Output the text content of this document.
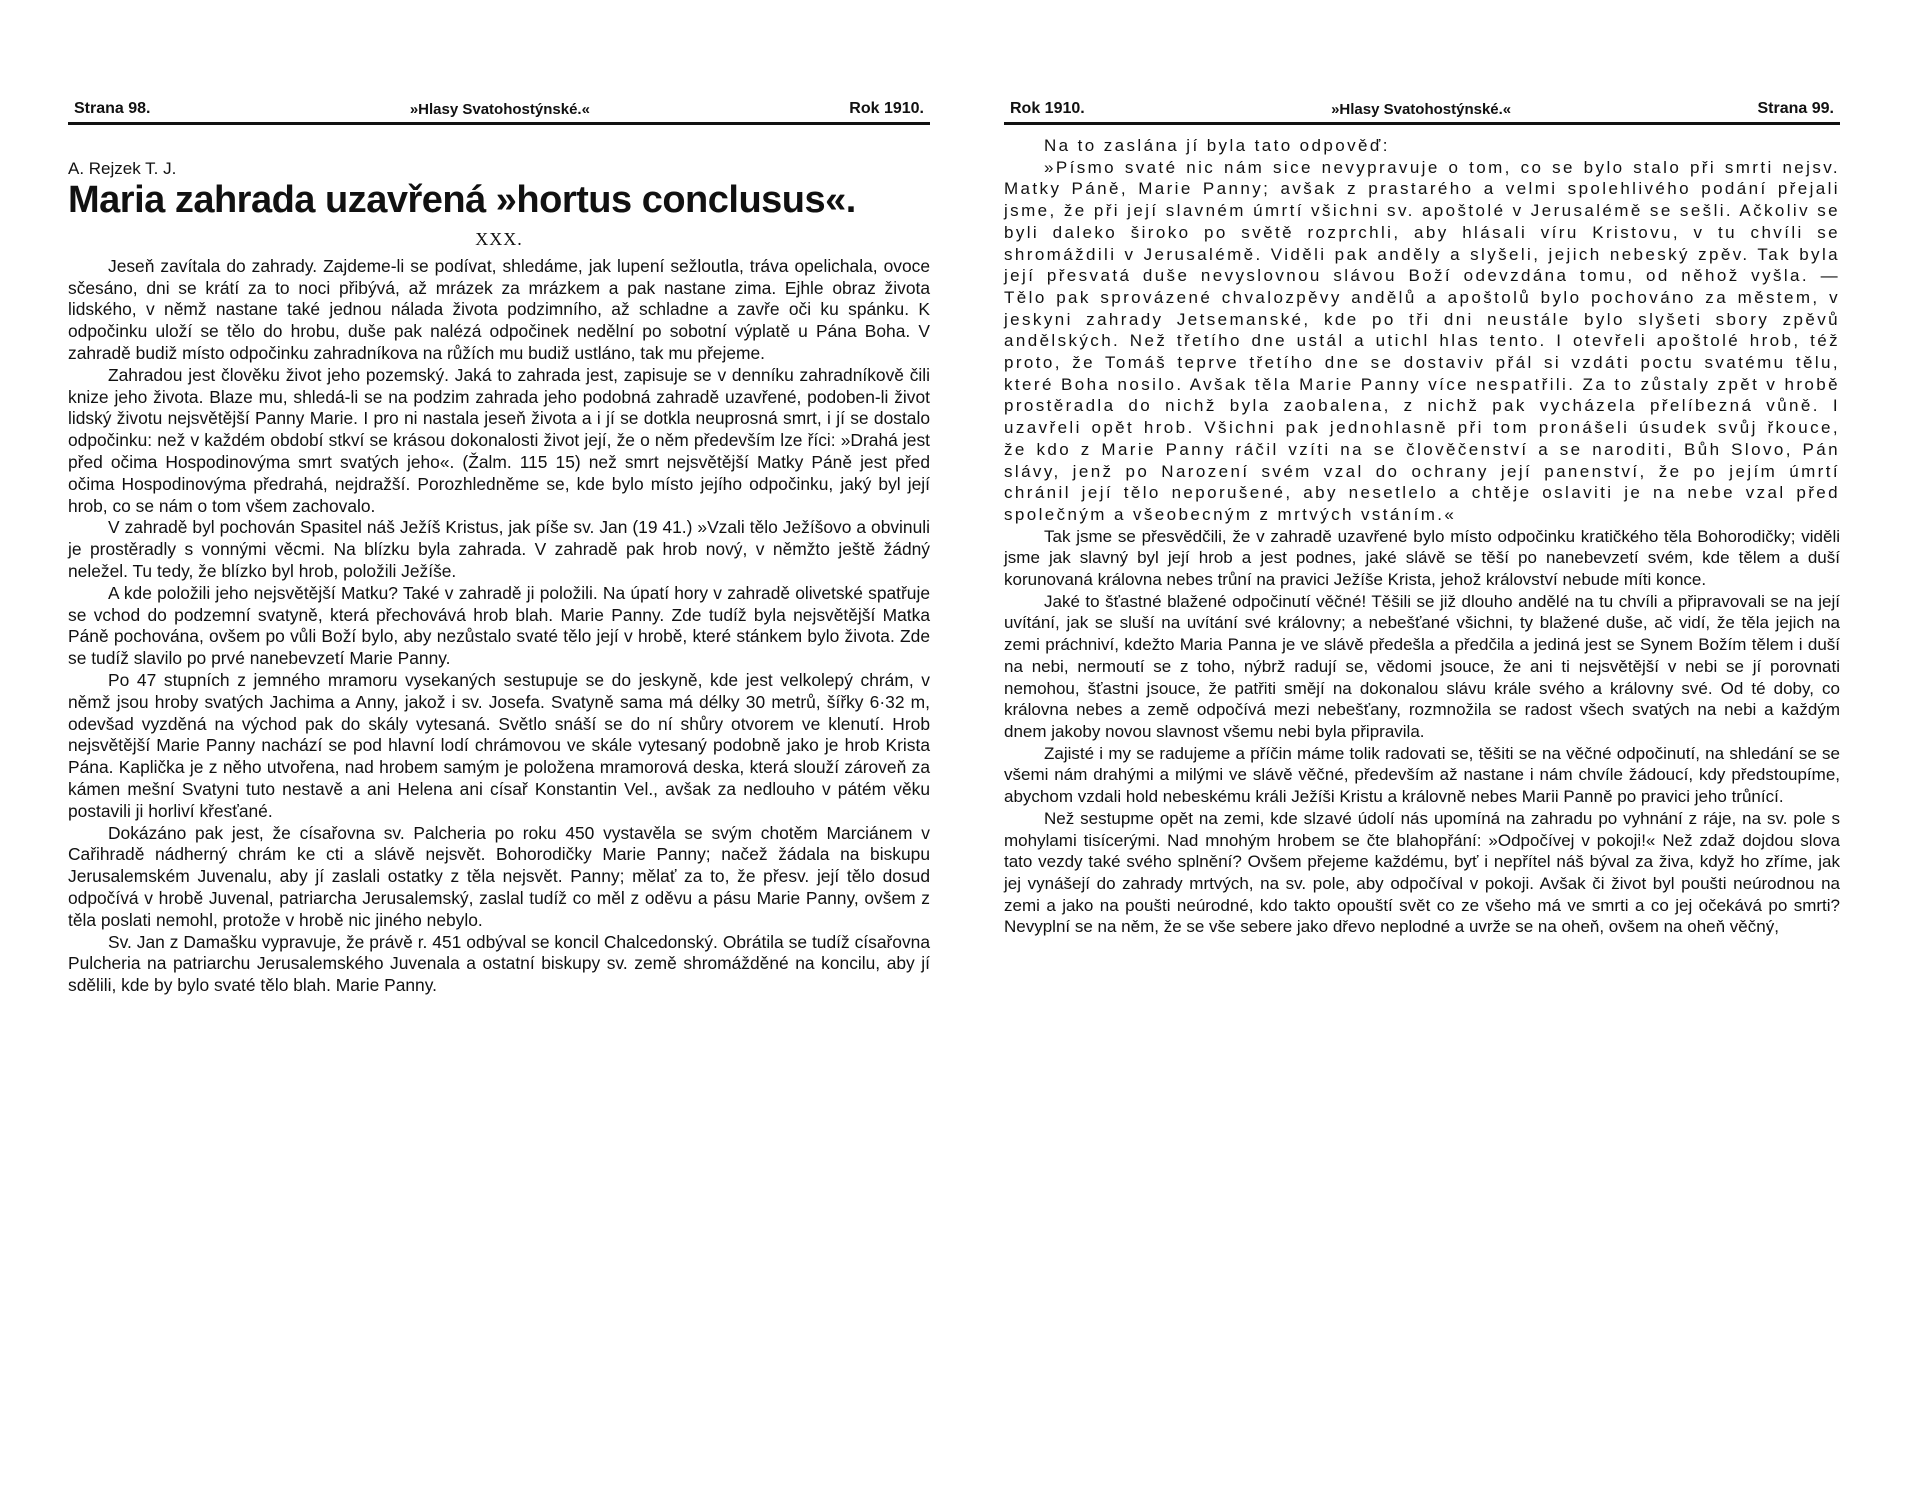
Strana 98.	»Hlasy Svatohostýnské.«	Rok 1910.
A. Rejzek T. J.
Maria zahrada uzavřená »hortus conclusus«.
XXX.

Jeseň zavítala do zahrady. Zajdeme-li se podívat, shledáme, jak lupení sežloutla, tráva opelichala, ovoce sčesáno, dni se krátí za to noci přibývá, až mrázek za mrázkem a pak nastane zima. Ejhle obraz života lidského, v němž nastane také jednou nálada života podzimního, až schladne a zavře oči ku spánku. K odpočinku uloží se tělo do hrobu, duše pak nalézá odpočinek nedělní po sobotní výplatě u Pána Boha. V zahradě budiž místo odpočinku zahradníkova na růžích mu budiž ustláno, tak mu přejeme.

Zahradou jest člověku život jeho pozemský. Jaká to zahrada jest, zapisuje se v denníku zahradníkově čili knize jeho života. Blaze mu, shledá-li se na podzim zahrada jeho podobná zahradě uzavřené, podoben-li život lidský životu nejsvětější Panny Marie. I pro ni nastala jeseň života a i jí se dotkla neuprosná smrt, i jí se dostalo odpočinku: než v každém období stkví se krásou dokonalosti život její, že o něm především lze říci: »Drahá jest před očima Hospodinovýma smrt svatých jeho«. (Žalm. 115 15) než smrt nejsvětější Matky Páně jest před očima Hospodinovýma předrahá, nejdražší. Porozhledněme se, kde bylo místo jejího odpočinku, jaký byl její hrob, co se nám o tom všem zachovalo.

V zahradě byl pochován Spasitel náš Ježíš Kristus, jak píše sv. Jan (19 41.) »Vzali tělo Ježíšovo a obvinuli je prostěradly s vonnými věcmi. Na blízku byla zahrada. V zahradě pak hrob nový, v němžto ještě žádný neležel. Tu tedy, že blízko byl hrob, položili Ježíše.

A kde položili jeho nejsvětější Matku? Také v zahradě ji položili. Na úpatí hory v zahradě olivetské spatřuje se vchod do podzemní svatyně, která přechovává hrob blah. Marie Panny. Zde tudíž byla nejsvětější Matka Páně pochována, ovšem po vůli Boží bylo, aby nezůstalo svaté tělo její v hrobě, které stánkem bylo života. Zde se tudíž slavilo po prvé nanebevzetí Marie Panny.

Po 47 stupních z jemného mramoru vysekaných sestupuje se do jeskyně, kde jest velkolepý chrám, v němž jsou hroby svatých Jachima a Anny, jakož i sv. Josefa. Svatyně sama má délky 30 metrů, šířky 6·32 m, odevšad vyzděná na východ pak do skály vytesaná. Světlo snáší se do ní shůry otvorem ve klenutí. Hrob nejsvětější Marie Panny nachází se pod hlavní lodí chrámovou ve skále vytesaný podobně jako je hrob Krista Pána. Kaplička je z něho utvořena, nad hrobem samým je položena mramorová deska, která slouží zároveň za kámen mešní Svatyni tuto nestavě a ani Helena ani císař Konstantin Vel., avšak za nedlouho v pátém věku postavili ji horliví křesťané.

Dokázáno pak jest, že císařovna sv. Palcheria po roku 450 vystavěla se svým chotěm Marciánem v Cařihradě nádherný chrám ke cti a slávě nejsvět. Bohorodičky Marie Panny; načež žádala na biskupu Jerusalemském Juvenalu, aby jí zaslali ostatky z těla nejsvět. Panny; mělať za to, že přesv. její tělo dosud odpočívá v hrobě Juvenal, patriarcha Jerusalemský, zaslal tudíž co měl z oděvu a pásu Marie Panny, ovšem z těla poslati nemohl, protože v hrobě nic jiného nebylo.

Sv. Jan z Damašku vypravuje, že právě r. 451 odbýval se koncil Chalcedonský. Obrátila se tudíž císařovna Pulcheria na patriarchu Jerusalemského Juvenala a ostatní biskupy sv. země shromážděné na koncilu, aby jí sdělili, kde by bylo svaté tělo blah. Marie Panny.

Rok 1910.	»Hlasy Svatohostýnské.«	Strana 99.

Na to zaslána jí byla tato odpověď:

»Písmo svaté nic nám sice nevypravuje o tom, co se bylo stalo při smrti nejsv. Matky Páně, Marie Panny; avšak z prastarého a velmi spolehlivého podání přejali jsme, že při její slavném úmrtí všichni sv. apoštolé v Jerusalémě se sešli. Ačkoliv se byli daleko široko po světě rozprchli, aby hlásali víru Kristovu, v tu chvíli se shromáždili v Jerusalémě. Viděli pak anděly a slyšeli, jejich nebeský zpěv. Tak byla její přesvatá duše nevyslovnou slávou Boží odevzdána tomu, od něhož vyšla. — Tělo pak sprovázené chvalozpěvy andělů a apoštolů bylo pochováno za městem, v jeskyni zahrady Jetsemanské, kde po tři dni neustále bylo slyšeti sbory zpěvů andělských. Než třetího dne ustál a utichl hlas tento. I otevřeli apoštolé hrob, též proto, že Tomáš teprve třetího dne se dostaviv přál si vzdáti poctu svatému tělu, které Boha nosilo. Avšak těla Marie Panny více nespatřili. Za to zůstaly zpět v hrobě prostěradla do nichž byla zaobalena, z nichž pak vycházela přelíbezná vůně. I uzavřeli opět hrob. Všichni pak jednohlasně při tom pronášeli úsudek svůj řkouce, že kdo z Marie Panny ráčil vzíti na se člověčenství a se naroditi, Bůh Slovo, Pán slávy, jenž po Narození svém vzal do ochrany její panenství, že po jejím úmrtí chránil její tělo neporušené, aby nesetlelo a chtěje oslaviti je na nebe vzal před společným a všeobecným z mrtvých vstáním.«

Tak jsme se přesvědčili, že v zahradě uzavřené bylo místo odpočinku kratičkého těla Bohorodičky; viděli jsme jak slavný byl její hrob a jest podnes, jaké slávě se těší po nanebevzetí svém, kde tělem a duší korunovaná královna nebes trůní na pravici Ježíše Krista, jehož království nebude míti konce.

Jaké to šťastné blažené odpočinutí věčné! Těšili se již dlouho andělé na tu chvíli a připravovali se na její uvítání, jak se sluší na uvítání své královny; a nebešťané všichni, ty blažené duše, ač vidí, že těla jejich na zemi práchniví, kdežto Maria Panna je ve slávě předešla a předčila a jediná jest se Synem Božím tělem i duší na nebi, nermoutí se z toho, nýbrž radují se, vědomi jsouce, že ani ti nejsvětější v nebi se jí porovnati nemohou, šťastni jsouce, že patřiti smějí na dokonalou slávu krále svého a královny své. Od té doby, co královna nebes a země odpočívá mezi nebešťany, rozmnožila se radost všech svatých na nebi a každým dnem jakoby novou slavnost všemu nebi byla připravila.

Zajisté i my se radujeme a příčin máme tolik radovati se, těšiti se na věčné odpočinutí, na shledání se se všemi nám drahými a milými ve slávě věčné, především až nastane i nám chvíle žádoucí, kdy předstoupíme, abychom vzdali hold nebeskému králi Ježíši Kristu a královně nebes Marii Panně po pravici jeho trůnící.

Než sestupme opět na zemi, kde slzavé údolí nás upomíná na zahradu po vyhnání z ráje, na sv. pole s mohylami tisícerými. Nad mnohým hrobem se čte blahopřání: »Odpočívej v pokoji!« Než zdaž dojdou slova tato vezdy také svého splnění? Ovšem přejeme každému, byť i nepřítel náš býval za živa, když ho zříme, jak jej vynášejí do zahrady mrtvých, na sv. pole, aby odpočíval v pokoji. Avšak či život byl poušti neúrodnou na zemi a jako na poušti neúrodné, kdo takto opouští svět co ze všeho má ve smrti a co jej očekává po smrti? Nevyplní se na něm, že se vše sebere jako dřevo neplodné a uvrže se na oheň, ovšem na oheň věčný,
